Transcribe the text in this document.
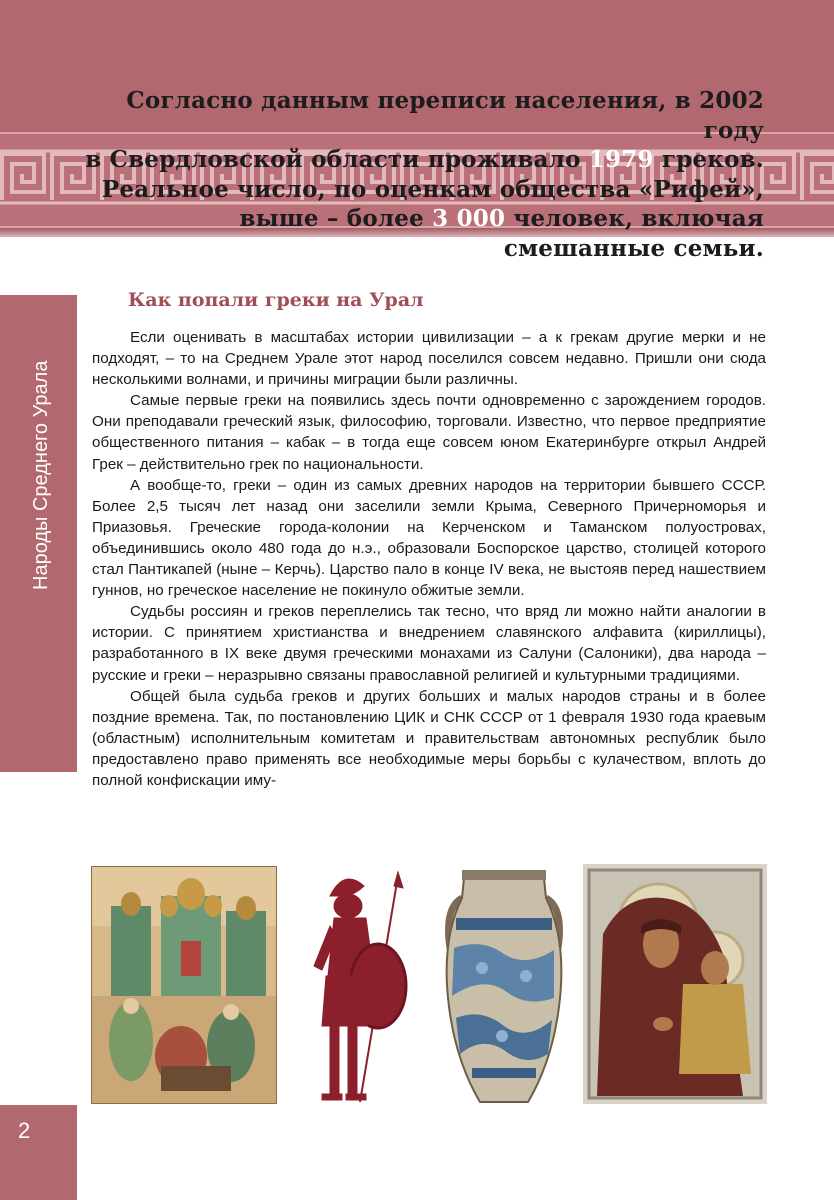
Согласно данным переписи населения, в 2002 году
в Свердловской области проживало 1979 греков.
Реальное число, по оценкам общества «Рифей»,
выше – более 3 000 человек, включая
смешанные семьи.
Народы Среднего Урала
2
Как попали греки на Урал

Если оценивать в масштабах истории цивилизации – а к грекам другие мерки и не подходят, – то на Среднем Урале этот народ поселился совсем недавно. Пришли они сюда несколькими волнами, и причины миграции были различны.

Самые первые греки на появились здесь почти одновременно с зарождением городов. Они преподавали греческий язык, философию, торговали. Известно, что первое предприятие общественного питания – кабак – в тогда еще совсем юном Екатеринбурге открыл Андрей Грек – действительно грек по национальности.

А вообще-то, греки – один из самых древних народов на территории бывшего СССР. Более 2,5 тысяч лет назад они заселили земли Крыма, Северного Причерноморья и Приазовья. Греческие города-колонии на Керченском и Таманском полуостровах, объединившись около 480 года до н.э., образовали Боспорское царство, столицей которого стал Пантикапей (ныне – Керчь). Царство пало в конце IV века, не выстояв перед нашествием гуннов, но греческое население не покинуло обжитые земли.

Судьбы россиян и греков переплелись так тесно, что вряд ли можно найти аналогии в истории. С принятием христианства и внедрением славянского алфавита (кириллицы), разработанного в IX веке двумя греческими монахами из Салуни (Салоники), два народа – русские и греки – неразрывно связаны православной религией и культурными традициями.

Общей была судьба греков и других больших и малых народов страны и в более поздние времена. Так, по постановлению ЦИК и СНК СССР от 1 февраля 1930 года краевым (областным) исполнительным комитетам и правительствам автономных республик было предоставлено право применять все необходимые меры борьбы с кулачеством, вплоть до полной конфискации иму-
